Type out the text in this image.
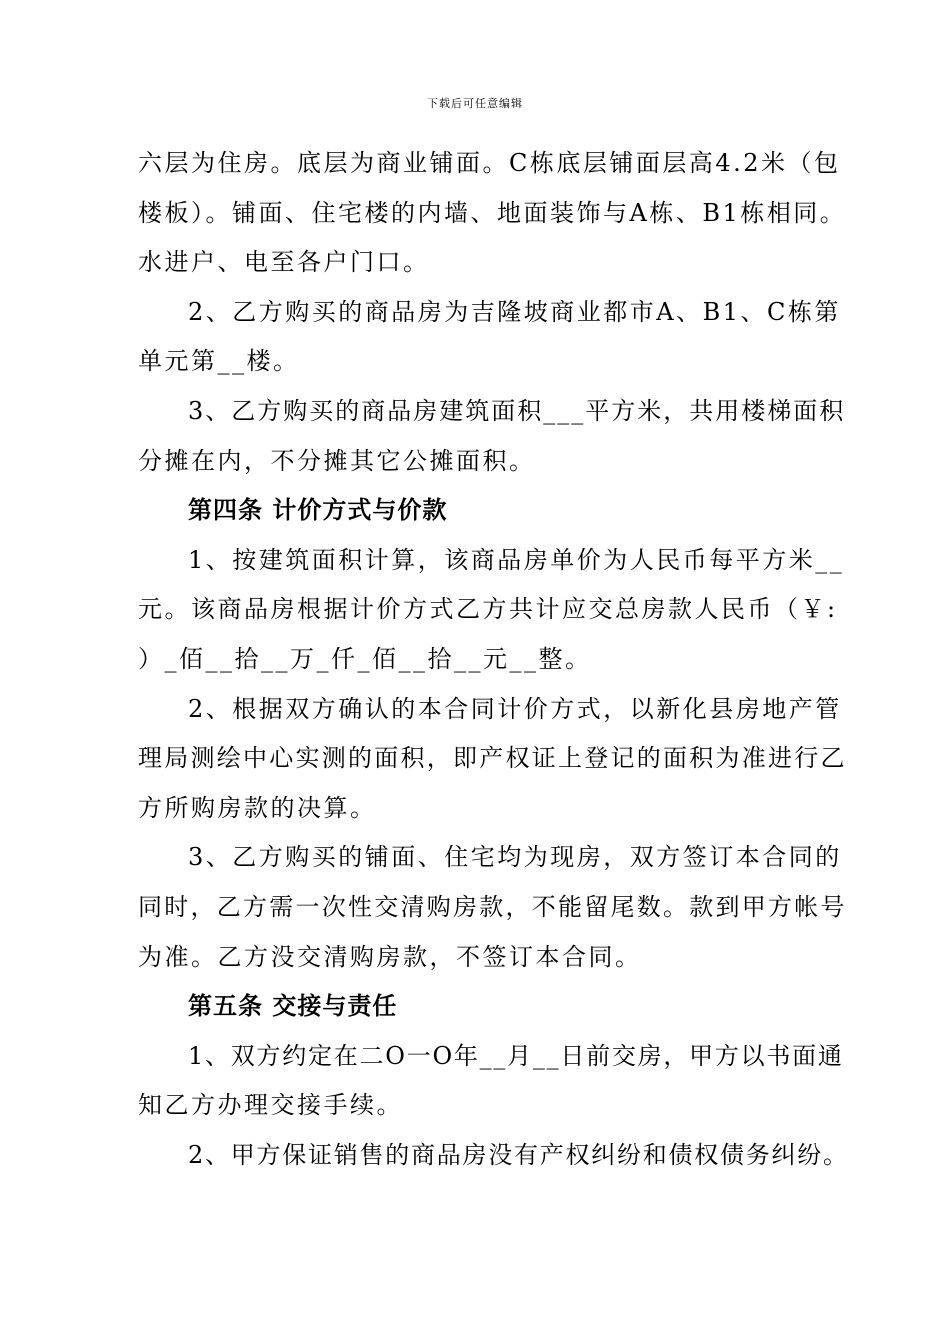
下载后可任意编辑
六层为住房。底层为商业铺面。C栋底层铺面层高4.2米（包
楼板）。铺面、住宅楼的内墙、地面装饰与A栋、B1栋相同。
水进户、电至各户门口。
2、乙方购买的商品房为吉隆坡商业都市A、B1、C栋第
单元第__楼。
3、乙方购买的商品房建筑面积___平方米，共用楼梯面积
分摊在内，不分摊其它公摊面积。
第四条 计价方式与价款
1、按建筑面积计算，该商品房单价为人民币每平方米__
元。该商品房根据计价方式乙方共计应交总房款人民币（￥:
）_佰__拾__万_仟_佰__拾__元__整。
2、根据双方确认的本合同计价方式，以新化县房地产管
理局测绘中心实测的面积，即产权证上登记的面积为准进行乙
方所购房款的决算。
3、乙方购买的铺面、住宅均为现房，双方签订本合同的
同时，乙方需一次性交清购房款，不能留尾数。款到甲方帐号
为准。乙方没交清购房款，不签订本合同。
第五条 交接与责任
1、双方约定在二O一O年__月__日前交房，甲方以书面通
知乙方办理交接手续。
2、甲方保证销售的商品房没有产权纠纷和债权债务纠纷。
